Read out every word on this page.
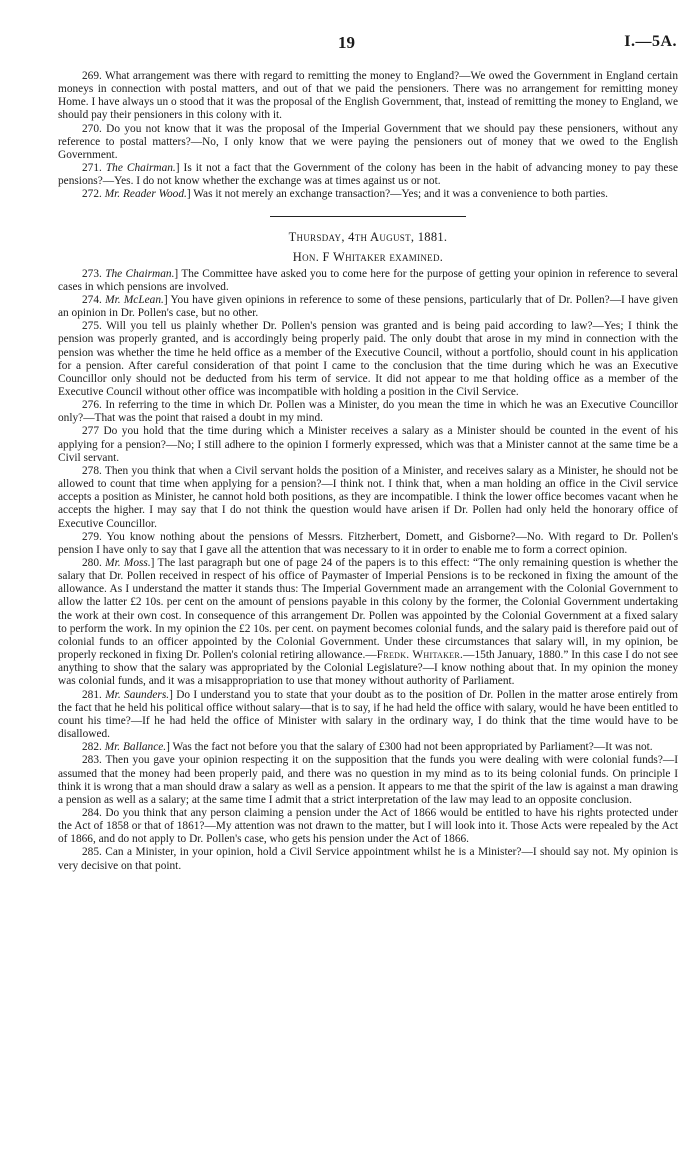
19	I.—5A.

269. What arrangement was there with regard to remitting the money to England?—We owed the Government in England certain moneys in connection with postal matters, and out of that we paid the pensioners. There was no arrangement for remitting money Home. I have always un o stood that it was the proposal of the English Government, that, instead of remitting the money to England, we should pay their pensioners in this colony with it.

270. Do you not know that it was the proposal of the Imperial Government that we should pay these pensioners, without any reference to postal matters?—No, I only know that we were paying the pensioners out of money that we owed to the English Government.

271. The Chairman.] Is it not a fact that the Government of the colony has been in the habit of advancing money to pay these pensions?—Yes. I do not know whether the exchange was at times against us or not.

272. Mr. Reader Wood.] Was it not merely an exchange transaction?—Yes; and it was a convenience to both parties.

Thursday, 4th August, 1881.

Hon. F Whitaker examined.

273. The Chairman.] The Committee have asked you to come here for the purpose of getting your opinion in reference to several cases in which pensions are involved.

274. Mr. McLean.] You have given opinions in reference to some of these pensions, particularly that of Dr. Pollen?—I have given an opinion in Dr. Pollen's case, but no other.

275. Will you tell us plainly whether Dr. Pollen's pension was granted and is being paid according to law?—Yes; I think the pension was properly granted, and is accordingly being properly paid. The only doubt that arose in my mind in connection with the pension was whether the time he held office as a member of the Executive Council, without a portfolio, should count in his application for a pension. After careful consideration of that point I came to the conclusion that the time during which he was an Executive Councillor only should not be deducted from his term of service. It did not appear to me that holding office as a member of the Executive Council without other office was incompatible with holding a position in the Civil Service.

276. In referring to the time in which Dr. Pollen was a Minister, do you mean the time in which he was an Executive Councillor only?—That was the point that raised a doubt in my mind.

277 Do you hold that the time during which a Minister receives a salary as a Minister should be counted in the event of his applying for a pension?—No; I still adhere to the opinion I formerly expressed, which was that a Minister cannot at the same time be a Civil servant.

278. Then you think that when a Civil servant holds the position of a Minister, and receives salary as a Minister, he should not be allowed to count that time when applying for a pension?—I think not. I think that, when a man holding an office in the Civil service accepts a position as Minister, he cannot hold both positions, as they are incompatible. I think the lower office becomes vacant when he accepts the higher. I may say that I do not think the question would have arisen if Dr. Pollen had only held the honorary office of Executive Councillor.

279. You know nothing about the pensions of Messrs. Fitzherbert, Domett, and Gisborne?—No. With regard to Dr. Pollen's pension I have only to say that I gave all the attention that was necessary to it in order to enable me to form a correct opinion.

280. Mr. Moss.] The last paragraph but one of page 24 of the papers is to this effect: “The only remaining question is whether the salary that Dr. Pollen received in respect of his office of Paymaster of Imperial Pensions is to be reckoned in fixing the amount of the allowance. As I understand the matter it stands thus: The Imperial Government made an arrangement with the Colonial Government to allow the latter £2 10s. per cent on the amount of pensions payable in this colony by the former, the Colonial Government undertaking the work at their own cost. In consequence of this arrangement Dr. Pollen was appointed by the Colonial Government at a fixed salary to perform the work. In my opinion the £2 10s. per cent. on payment becomes colonial funds, and the salary paid is therefore paid out of colonial funds to an officer appointed by the Colonial Government. Under these circumstances that salary will, in my opinion, be properly reckoned in fixing Dr. Pollen's colonial retiring allowance.—Fredk. Whitaker.—15th January, 1880.” In this case I do not see anything to show that the salary was appropriated by the Colonial Legislature?—I know nothing about that. In my opinion the money was colonial funds, and it was a misappropriation to use that money without authority of Parliament.

281. Mr. Saunders.] Do I understand you to state that your doubt as to the position of Dr. Pollen in the matter arose entirely from the fact that he held his political office without salary—that is to say, if he had held the office with salary, would he have been entitled to count his time?—If he had held the office of Minister with salary in the ordinary way, I do think that the time would have to be disallowed.

282. Mr. Ballance.] Was the fact not before you that the salary of £300 had not been appropriated by Parliament?—It was not.

283. Then you gave your opinion respecting it on the supposition that the funds you were dealing with were colonial funds?—I assumed that the money had been properly paid, and there was no question in my mind as to its being colonial funds. On principle I think it is wrong that a man should draw a salary as well as a pension. It appears to me that the spirit of the law is against a man drawing a pension as well as a salary; at the same time I admit that a strict interpretation of the law may lead to an opposite conclusion.

284. Do you think that any person claiming a pension under the Act of 1866 would be entitled to have his rights protected under the Act of 1858 or that of 1861?—My attention was not drawn to the matter, but I will look into it. Those Acts were repealed by the Act of 1866, and do not apply to Dr. Pollen's case, who gets his pension under the Act of 1866.

285. Can a Minister, in your opinion, hold a Civil Service appointment whilst he is a Minister?—I should say not. My opinion is very decisive on that point.
